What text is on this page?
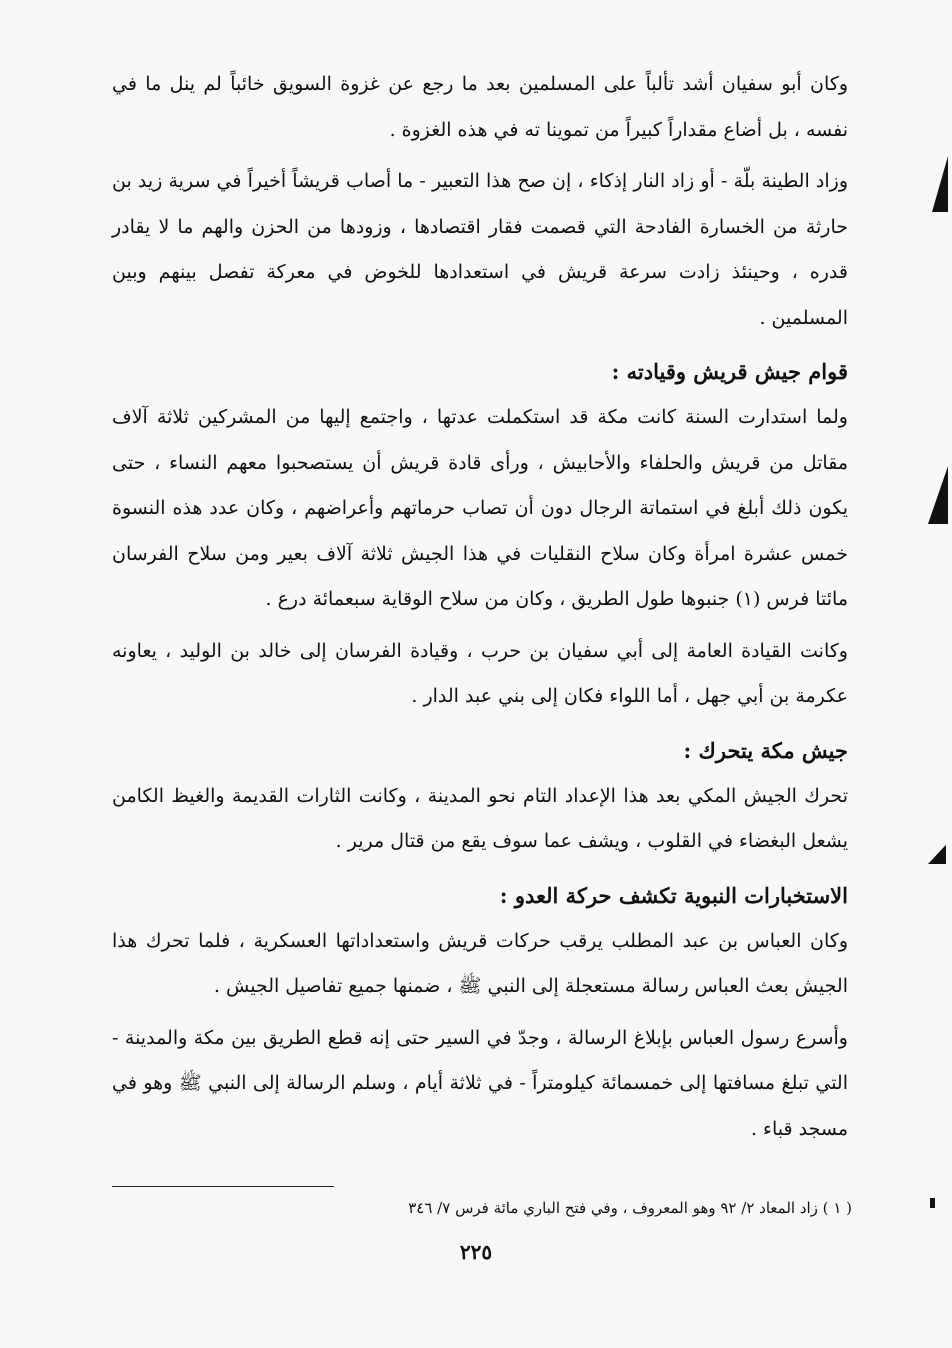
وكان أبو سفيان أشد تألباً على المسلمين بعد ما رجع عن غزوة السويق خائباً لم ينل ما في نفسه ، بل أضاع مقداراً كبيراً من تموينا ته في هذه الغزوة .

وزاد الطينة بلّة - أو زاد النار إذكاء ، إن صح هذا التعبير - ما أصاب قريشاً أخيراً في سرية زيد بن حارثة من الخسارة الفادحة التي قصمت فقار اقتصادها ، وزودها من الحزن والهم ما لا يقادر قدره ، وحينئذ زادت سرعة قريش في استعدادها للخوض في معركة تفصل بينهم وبين المسلمين .

قوام جيش قريش وقيادته :

ولما استدارت السنة كانت مكة قد استكملت عدتها ، واجتمع إليها من المشركين ثلاثة آلاف مقاتل من قريش والحلفاء والأحابيش ، ورأى قادة قريش أن يستصحبوا معهم النساء ، حتى يكون ذلك أبلغ في استماتة الرجال دون أن تصاب حرماتهم وأعراضهم ، وكان عدد هذه النسوة خمس عشرة امرأة وكان سلاح النقليات في هذا الجيش ثلاثة آلاف بعير ومن سلاح الفرسان مائتا فرس (١) جنبوها طول الطريق ، وكان من سلاح الوقاية سبعمائة درع .

وكانت القيادة العامة إلى أبي سفيان بن حرب ، وقيادة الفرسان إلى خالد بن الوليد ، يعاونه عكرمة بن أبي جهل ، أما اللواء فكان إلى بني عبد الدار .

جيش مكة يتحرك :

تحرك الجيش المكي بعد هذا الإعداد التام نحو المدينة ، وكانت الثارات القديمة والغيظ الكامن يشعل البغضاء في القلوب ، ويشف عما سوف يقع من قتال مرير .

الاستخبارات النبوية تكشف حركة العدو :

وكان العباس بن عبد المطلب يرقب حركات قريش واستعداداتها العسكرية ، فلما تحرك هذا الجيش بعث العباس رسالة مستعجلة إلى النبي ﷺ ، ضمنها جميع تفاصيل الجيش .

وأسرع رسول العباس بإبلاغ الرسالة ، وجدّ في السير حتى إنه قطع الطريق بين مكة والمدينة - التي تبلغ مسافتها إلى خمسمائة كيلومتراً - في ثلاثة أيام ، وسلم الرسالة إلى النبي ﷺ وهو في مسجد قباء .

( ١ ) زاد المعاد ٢/ ٩٢ وهو المعروف ، وفي فتح الباري مائة فرس ٧/ ٣٤٦
٢٢٥
